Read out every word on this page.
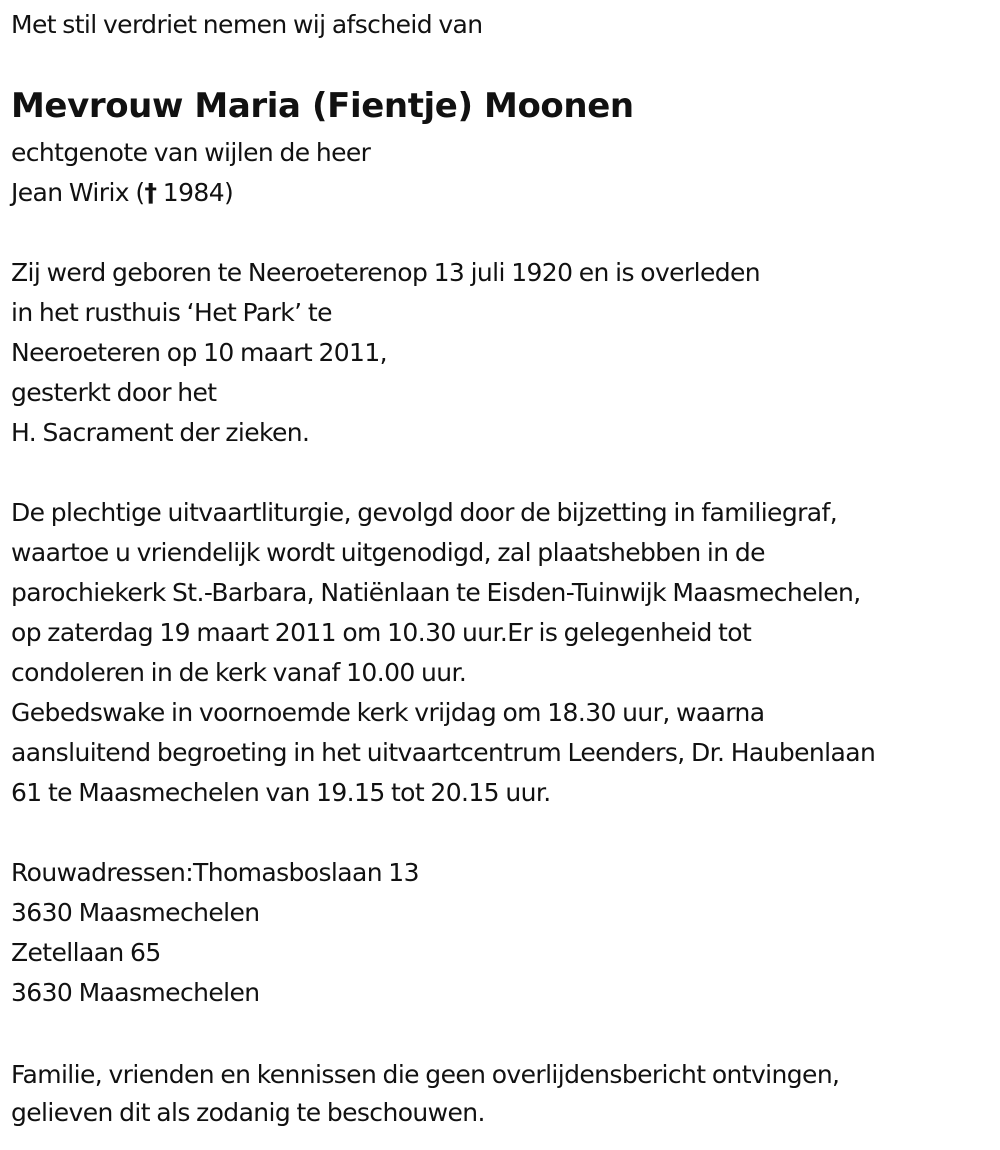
Met stil verdriet nemen wij afscheid van
Mevrouw Maria (Fientje) Moonen
echtgenote van wijlen de heer
Jean Wirix († 1984)
Zij werd geboren te Neeroeterenop 13 juli 1920 en is overleden
in het rusthuis ‘Het Park’ te
Neeroeteren op 10 maart 2011,
gesterkt door het
H. Sacrament der zieken.
De plechtige uitvaartliturgie, gevolgd door de bijzetting in familiegraf,
waartoe u vriendelijk wordt uitgenodigd, zal plaatshebben in de
parochiekerk St.-Barbara, Natiënlaan te Eisden-Tuinwijk Maasmechelen,
op zaterdag 19 maart 2011 om 10.30 uur.Er is gelegenheid tot
condoleren in de kerk vanaf 10.00 uur.
Gebedswake in voornoemde kerk vrijdag om 18.30 uur, waarna
aansluitend begroeting in het uitvaartcentrum Leenders, Dr. Haubenlaan
61 te Maasmechelen van 19.15 tot 20.15 uur.
Rouwadressen:Thomasboslaan 13
3630 Maasmechelen
Zetellaan 65
3630 Maasmechelen
Familie, vrienden en kennissen die geen overlijdensbericht ontvingen,
gelieven dit als zodanig te beschouwen.
